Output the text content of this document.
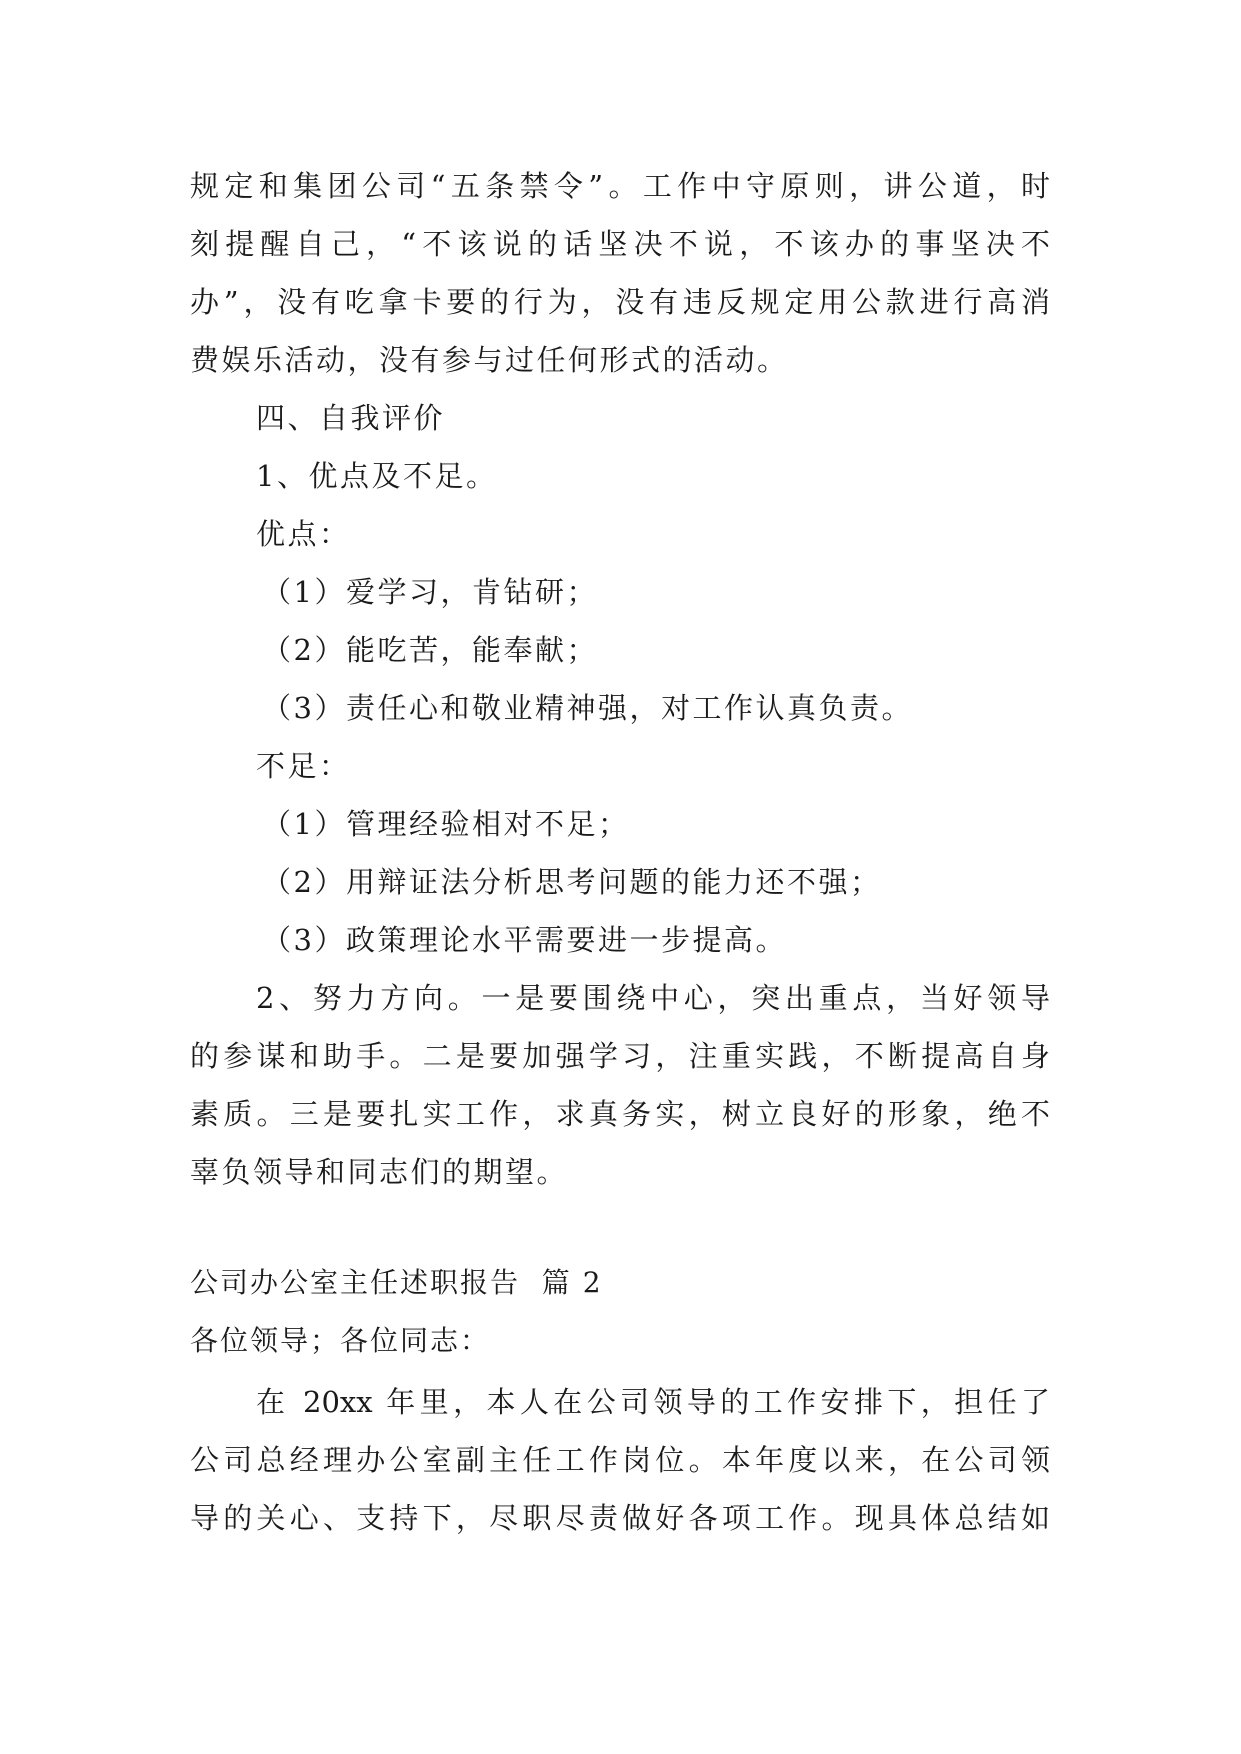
规定和集团公司“五条禁令”。工作中守原则，讲公道，时
刻提醒自己，“不该说的话坚决不说，不该办的事坚决不
办”，没有吃拿卡要的行为，没有违反规定用公款进行高消
费娱乐活动，没有参与过任何形式的活动。
四、自我评价
1、优点及不足。
优点：
（1）爱学习，肯钻研；
（2）能吃苦，能奉献；
（3）责任心和敬业精神强，对工作认真负责。
不足：
（1）管理经验相对不足；
（2）用辩证法分析思考问题的能力还不强；
（3）政策理论水平需要进一步提高。
2、努力方向。一是要围绕中心，突出重点，当好领导
的参谋和助手。二是要加强学习，注重实践，不断提高自身
素质。三是要扎实工作，求真务实，树立良好的形象，绝不
辜负领导和同志们的期望。
公司办公室主任述职报告  篇 2
各位领导；各位同志：
在 20xx 年里，本人在公司领导的工作安排下，担任了
公司总经理办公室副主任工作岗位。本年度以来，在公司领
导的关心、支持下，尽职尽责做好各项工作。现具体总结如
